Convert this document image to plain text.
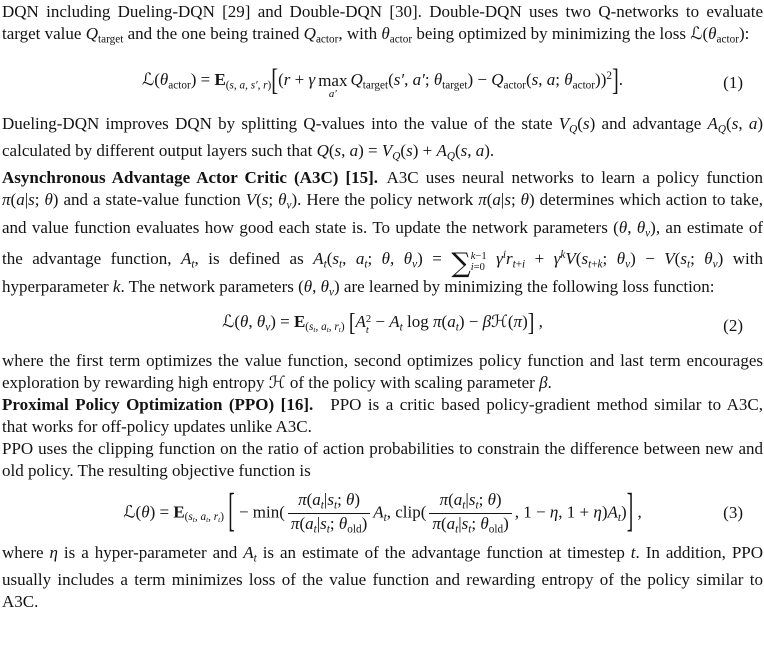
DQN including Dueling-DQN [29] and Double-DQN [30]. Double-DQN uses two Q-networks to evaluate target value $Q_{target}$ and the one being trained $Q_{actor}$, with $\theta_{actor}$ being optimized by minimizing the loss $ℒ(\theta_{actor})$:

$ℒ(\theta_{actor}) = E_{(s, a, s', r)}[(r + \gamma$ max
a′
$Q_{target}(s'$, a′; $\theta_{target}) - Q_{actor}(s$, a; $\theta_{actor}))^2$].	(1)

Dueling-DQN improves DQN by splitting Q-values into the value of the state $V_Q(s)$ and advantage $A_Q(s$, a) calculated by different output layers such that Q(s, $a) = V_Q(s) + A_Q(s$, a).

Asynchronous Advantage Actor Critic (A3C) [15]. A3C uses neural networks to learn a policy function π(a|s; θ) and a state-value function V(s; $\theta_v$). Here the policy network π(a|s; θ) determines which action to take, and value function evaluates how good each state is. To update the network parameters (θ, $\theta_v$), an estimate of the advantage function, $A_t$, is defined as $A_t(s_t$, $a_t$; θ, $\theta_v$) = ∑ k−1
i=0 $\gamma^ir_{t+i} + \gamma^kV(s_{t+k}$; $\theta_v) - V(s_t$; $\theta_v$) with hyperparameter k. The network parameters (θ, $\theta_v$) are learned by minimizing the following loss function:

ℒ(θ, $\theta_v) = E_{(s_t, a_t, r_t)}$ [A 2
$t - A_t$ $\log \pi(a_t)$ − βℋ(π)] ,	(2)

where the first term optimizes the value function, second optimizes policy function and last term encourages exploration by rewarding high entropy ℋ of the policy with scaling parameter β.

Proximal Policy Optimization (PPO) [16]. PPO is a critic based policy-gradient method similar to A3C, that works for off-policy updates unlike A3C.

PPO uses the clipping function on the ratio of action probabilities to constrain the difference between new and old policy. The resulting objective function is

ℒ(θ) = $E_{(s_t, a_t, r_t)}$ [ − $\min( \frac{\pi(a_t|s_t; \theta)}{\pi(a_t|s_t; \theta_{old})} A_t$, clip( $\frac{\pi(a_t|s_t; \theta)}{\pi(a_t|s_t; \theta_{old})}$ , 1 − η, $1 + \eta)A_t$)] ,	(3)

where η is a hyper-parameter and $A_t$ is an estimate of the advantage function at timestep t. In addition, PPO usually includes a term minimizes loss of the value function and rewarding entropy of the policy similar to A3C.
